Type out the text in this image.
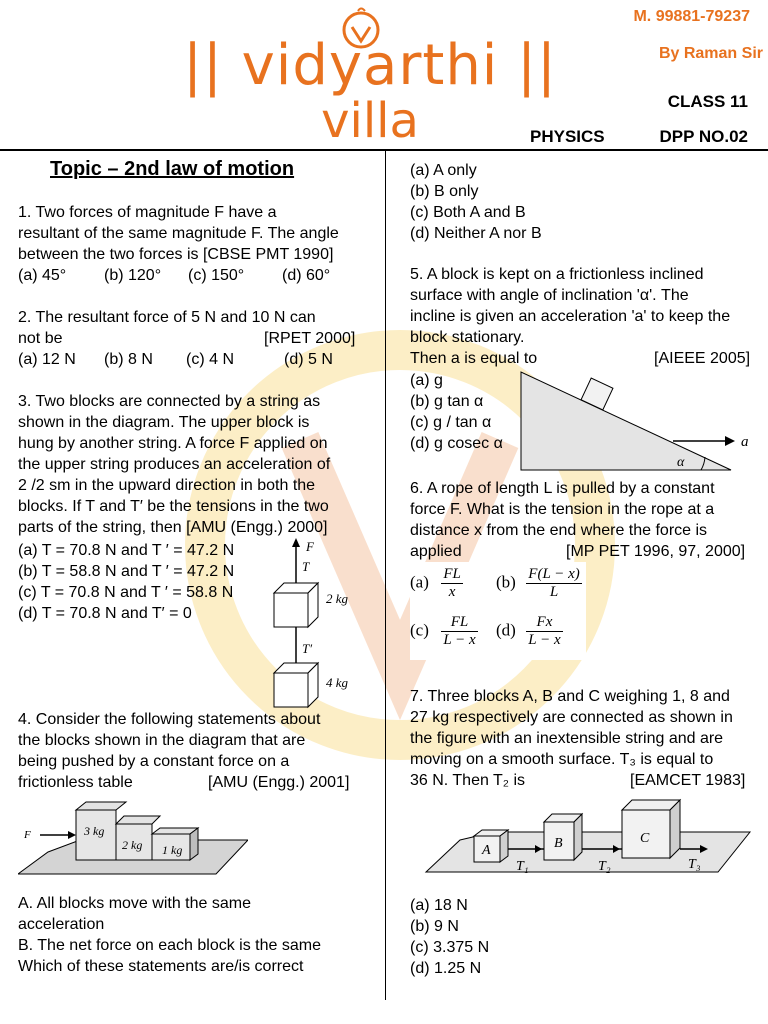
|| vidyarthi ||
villa
M. 99881-79237
By Raman Sir
CLASS 11
PHYSICS	DPP NO.02
Topic – 2nd law of motion
1. Two forces of magnitude F have a
resultant of the same magnitude F. The angle
between the two forces is [CBSE PMT 1990]
(a) 45° (b) 120° (c) 150° (d) 60°
2. The resultant force of 5 N and 10 N can
not be	[RPET 2000]
(a) 12 N (b) 8 N (c) 4 N	(d) 5 N
3. Two blocks are connected by a string as
shown in the diagram. The upper block is
hung by another string. A force F applied on
the upper string produces an acceleration of
2 /2 sm in the upward direction in both the
blocks. If T and T′ be the tensions in the two
parts of the string, then [AMU (Engg.) 2000]
(a) T = 70.8 N and T ′ = 47.2 N
(b) T = 58.8 N and T ′ = 47.2 N
(c) T = 70.8 N and T ′ = 58.8 N
(d) T = 70.8 N and T′ = 0
F
T
2 kg
T′
4 kg
4. Consider the following statements about
the blocks shown in the diagram that are
being pushed by a constant force on a
frictionless table	[AMU (Engg.) 2001]
F	3 kg
2 kg 1 kg
A. All blocks move with the same
acceleration
B. The net force on each block is the same
Which of these statements are/is correct
(a) A only
(b) B only
(c) Both A and B
(d) Neither A nor B
5. A block is kept on a frictionless inclined
surface with angle of inclination 'α'. The
incline is given an acceleration 'a' to keep the
block stationary.
Then a is equal to	[AIEEE 2005]
(a) g
(b) g tan α
(c) g / tan α
(d) g cosec α	a
α
6. A rope of length L is pulled by a constant
force F. What is the tension in the rope at a
distance x from the end where the force is
applied	[MP PET 1996, 97, 2000]
$(a) \frac{FL}{x} (b) \frac{F(L - x)}{L}$
$(c) \frac{FL}{L - x} (d) \frac{Fx}{L - x}$
7. Three blocks A, B and C weighing 1, 8 and
27 kg respectively are connected as shown in
the figure with an inextensible string and are
moving on a smooth surface. T₃ is equal to
36 N. Then T₂ is	[EAMCET 1983]
A	B	C
T₁	T₂	T₃
(a) 18 N
(b) 9 N
(c) 3.375 N
(d) 1.25 N
